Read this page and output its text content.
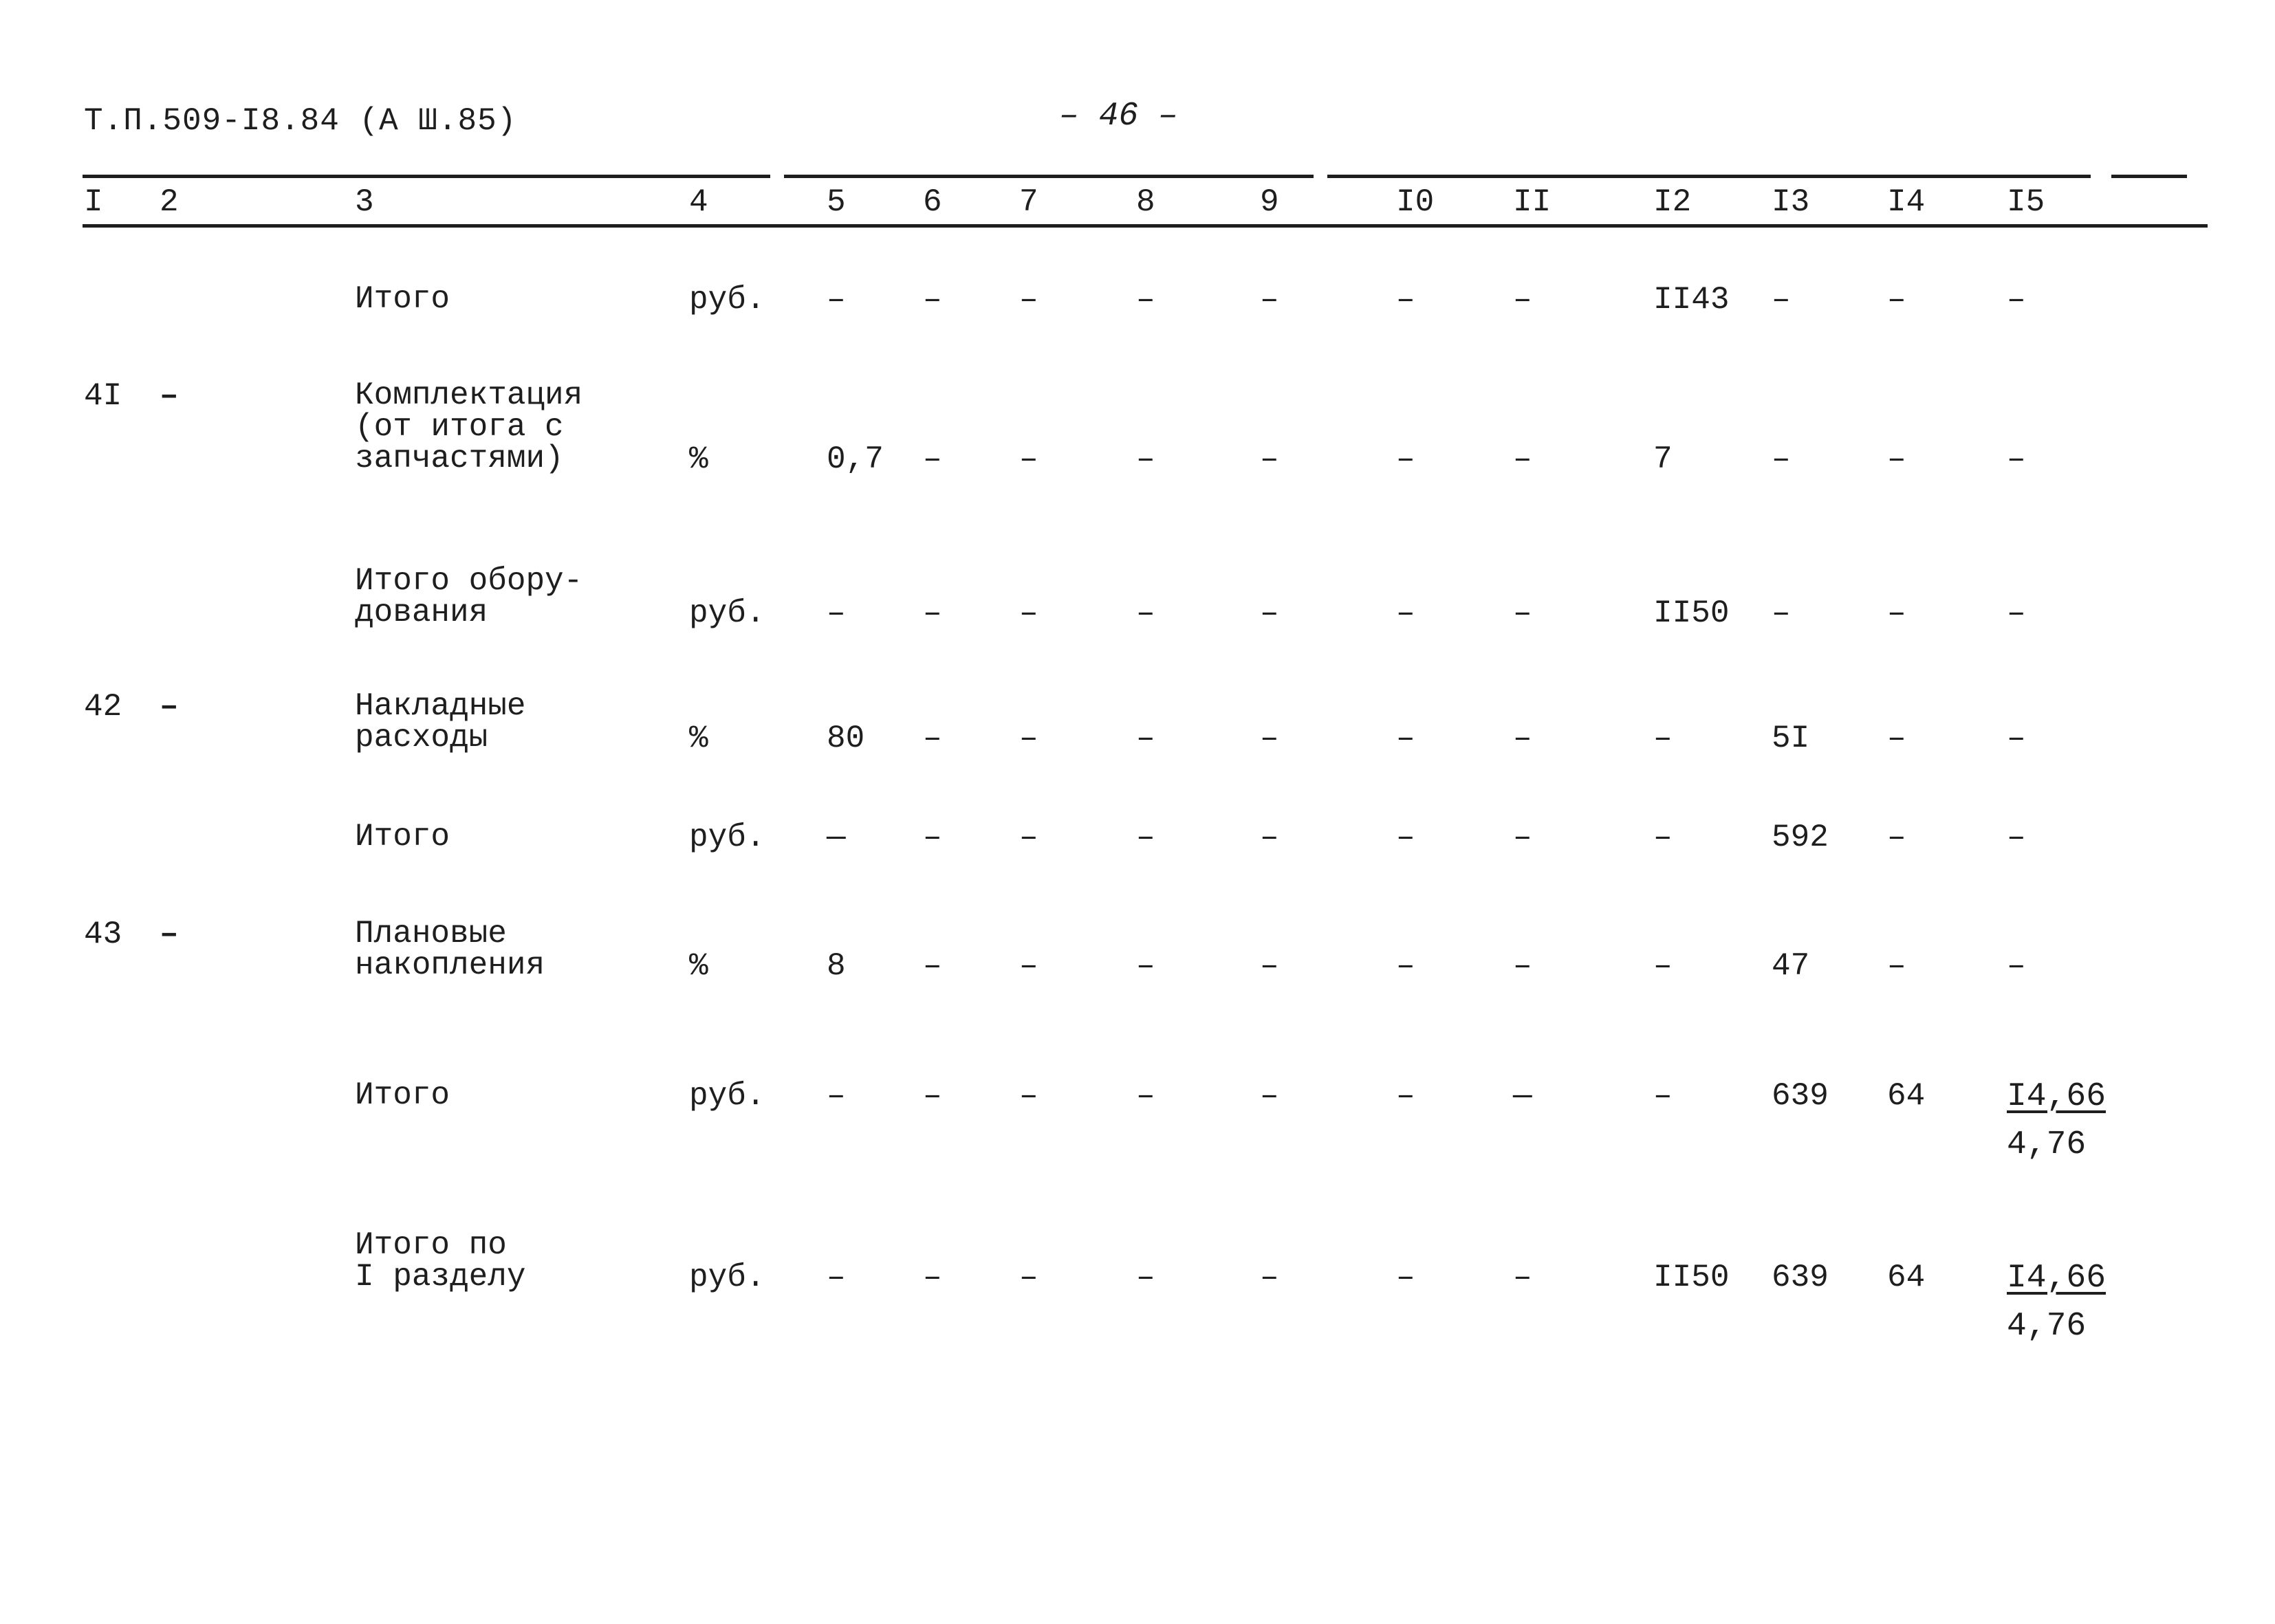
Т.П.509-I8.84 (А Ш.85)	– 46 –
I 2	3	4	5 6 7	8	9	I0 II	I2	I3 I4	I5
Итого	руб. – – –	–	–	–	–	II43 –	–	–
4I –	Комплектация
(от итога с
запчастями)	%	0,7 – –	–	–	–	–	7	–	–	–
Итого обору-
дования	руб. – – –	–	–	–	–	II50 –	–	–
42 –	Накладные
расходы	%	80 – –	–	–	–	–	–	5I –	–
Итого	руб. — – –	–	–	–	–	–	592 –	–
43 –	Плановые
накопления	%	8 – –	–	–	–	–	–	47 –	–
Итого	руб. – – –	–	–	–	—	–	639 $64 \frac{I4,66}{4,76}$
Итого по
I разделу	руб. – – –	–	–	–	–	II50 639 $64 \frac{I4,66}{4,76}$
